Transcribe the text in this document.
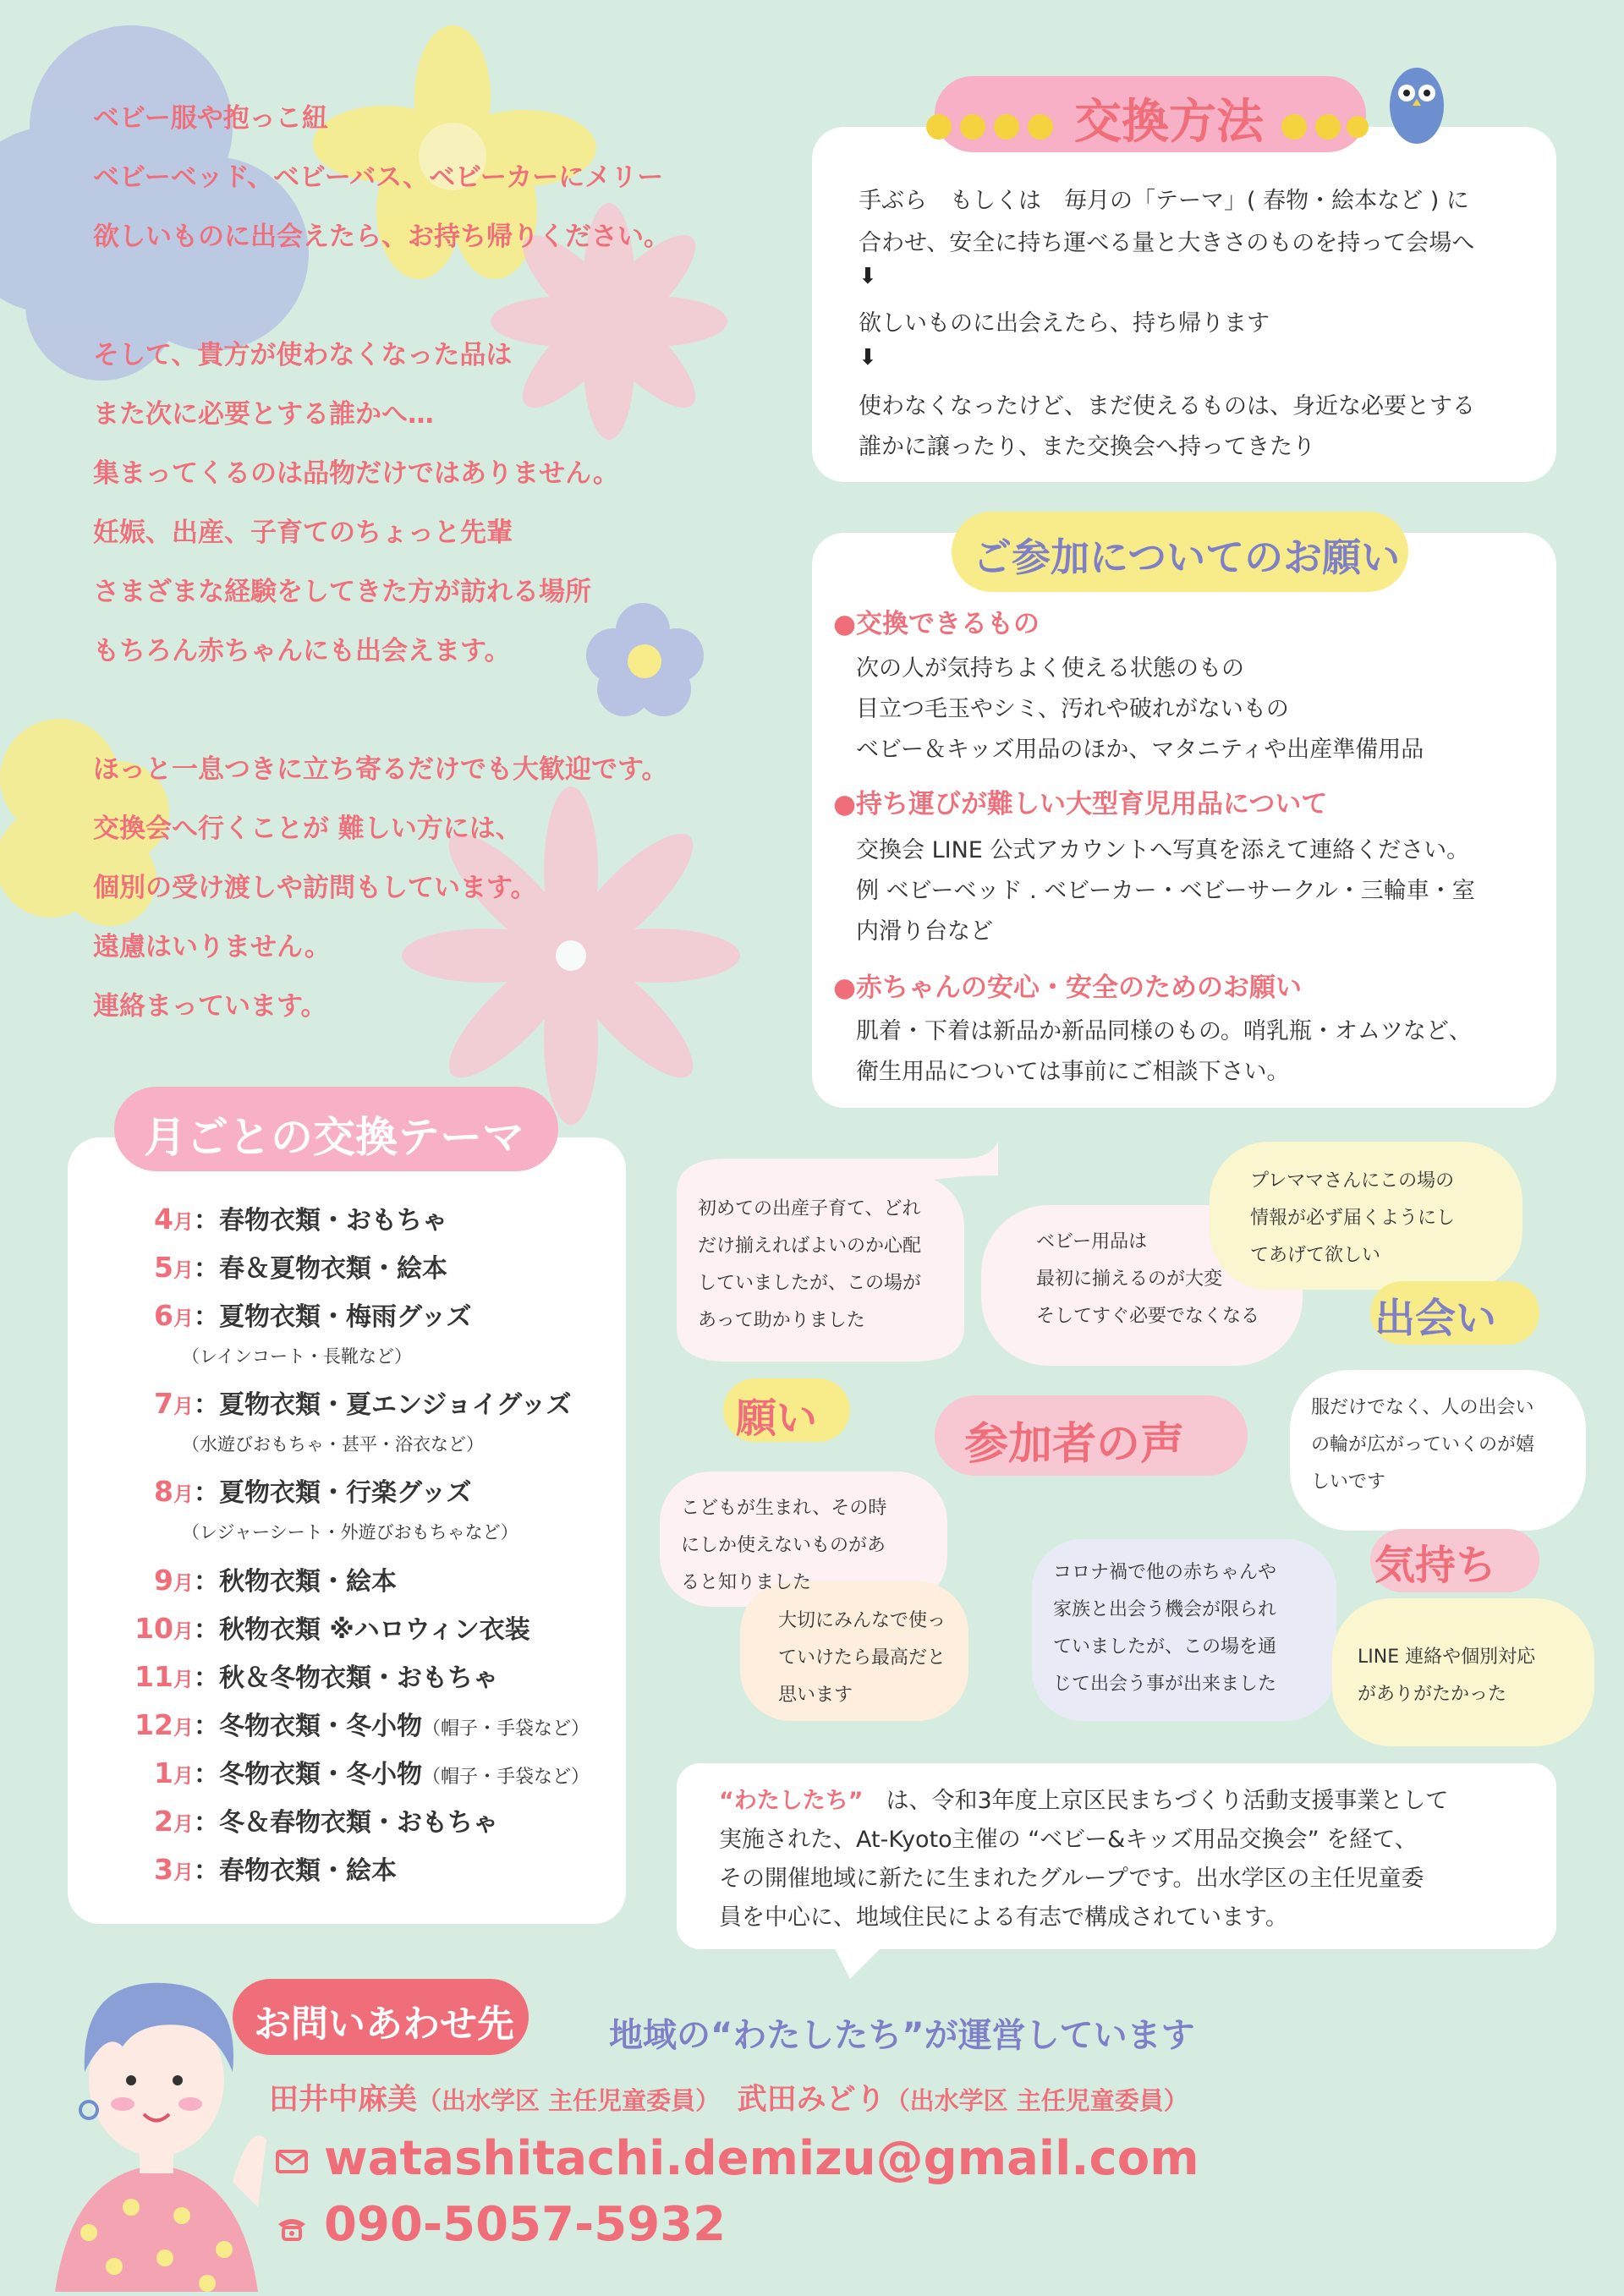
ベビー服や抱っこ紐

ベビーベッド、ベビーバス、ベビーカーにメリー

欲しいものに出会えたら、お持ち帰りください。

そして、貴方が使わなくなった品は

また次に必要とする誰かへ…

集まってくるのは品物だけではありません。

妊娠、出産、子育てのちょっと先輩

さまざまな経験をしてきた方が訪れる場所

もちろん赤ちゃんにも出会えます。

ほっと一息つきに立ち寄るだけでも大歓迎です。

交換会へ行くことが 難しい方には、

個別の受け渡しや訪問もしています。

遠慮はいりません。

連絡まっています。

交換方法
手ぶら　もしくは　毎月の「テーマ」( 春物・絵本など ) に
合わせ、安全に持ち運べる量と大きさのものを持って会場へ
⬇
欲しいものに出会えたら、持ち帰ります
⬇
使わなくなったけど、まだ使えるものは、身近な必要とする
誰かに譲ったり、また交換会へ持ってきたり
ご参加についてのお願い
●交換できるもの
次の人が気持ちよく使える状態のもの
目立つ毛玉やシミ、汚れや破れがないもの
ベビー＆キッズ用品のほか、マタニティや出産準備用品
●持ち運びが難しい大型育児用品について
交換会 LINE 公式アカウントへ写真を添えて連絡ください。
例 ベビーベッド . ベビーカー・ベビーサークル・三輪車・室
内滑り台など
●赤ちゃんの安心・安全のためのお願い
肌着・下着は新品か新品同様のもの。哨乳瓶・オムツなど、
衛生用品については事前にご相談下さい。
月ごとの交換テーマ
4月：春物衣類・おもちゃ
5月：春＆夏物衣類・絵本
6月：夏物衣類・梅雨グッズ
（レインコート・長靴など）
7月：夏物衣類・夏エンジョイグッズ
（水遊びおもちゃ・甚平・浴衣など）
8月：夏物衣類・行楽グッズ
（レジャーシート・外遊びおもちゃなど）
9月：秋物衣類・絵本
10月：秋物衣類 ※ハロウィン衣装
11月：秋＆冬物衣類・おもちゃ
12月：冬物衣類・冬小物（帽子・手袋など）
1月：冬物衣類・冬小物（帽子・手袋など）
2月：冬＆春物衣類・おもちゃ
3月：春物衣類・絵本
初めての出産子育て、どれ
だけ揃えればよいのか心配
していましたが、この場が
あって助かりました
ベビー用品は
最初に揃えるのが大変
そしてすぐ必要でなくなる
プレママさんにこの場の
情報が必ず届くようにし
てあげて欲しい
服だけでなく、人の出会い
の輪が広がっていくのが嬉
しいです
こどもが生まれ、その時
にしか使えないものがあ
ると知りました
大切にみんなで使っ
ていけたら最高だと
思います
コロナ禍で他の赤ちゃんや
家族と出会う機会が限られ
ていましたが、この場を通
じて出会う事が出来ました
LINE 連絡や個別対応
がありがたかった
参加者の声
願い
出会い
気持ち
“わたしたち”　 は、令和3年度上京区民まちづくり活動支援事業として
実施された、At-Kyoto主催の “ベビー&キッズ用品交換会” を経て、
その開催地域に新たに生まれたグループです。出水学区の主任児童委
員を中心に、地域住民による有志で構成されています。
お問いあわせ先	地域の“わたしたち”が運営しています
田井中麻美（出水学区 主任児童委員）　 武田みどり（出水学区 主任児童委員）
watashitachi.demizu@gmail.com
090-5057-5932
